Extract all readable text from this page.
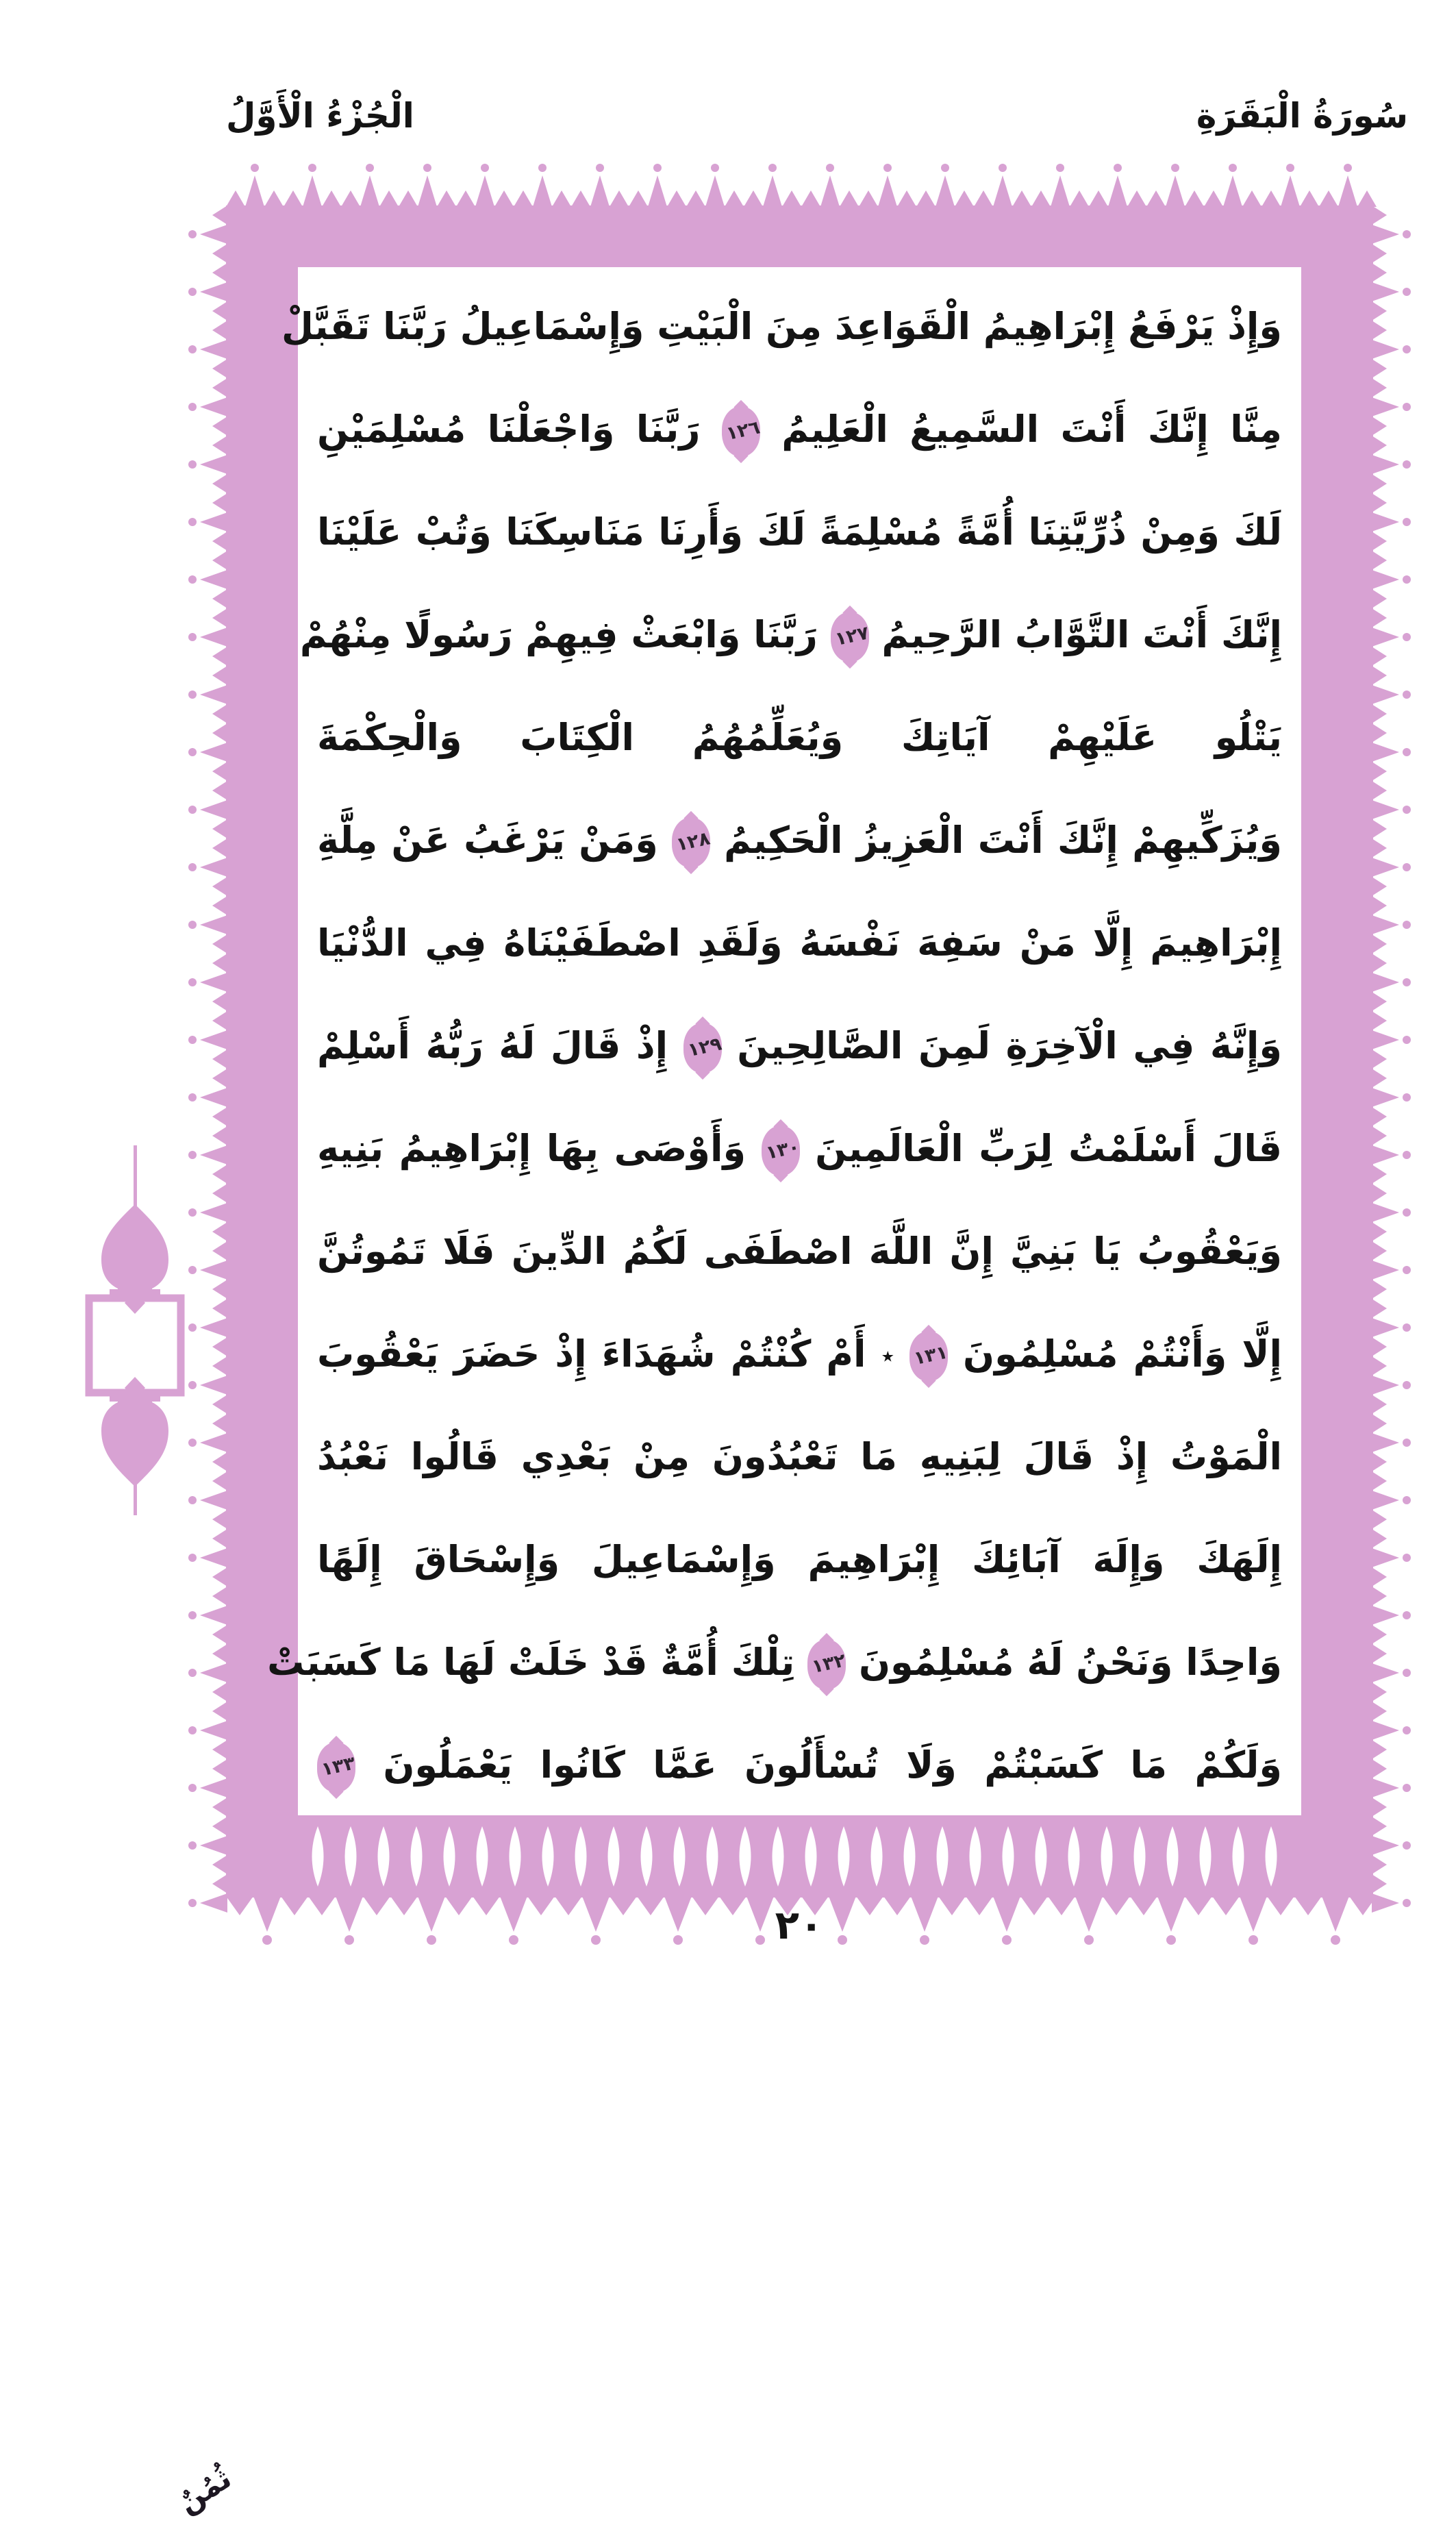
الْجُزْءُ الْأَوَّلُ	سُورَةُ الْبَقَرَةِ
وَإِذْ يَرْفَعُ إِبْرَاهِيمُ الْقَوَاعِدَ مِنَ الْبَيْتِ وَإِسْمَاعِيلُ رَبَّنَا تَقَبَّلْ
مِنَّا إِنَّكَ أَنْتَ السَّمِيعُ الْعَلِيمُ
١٢٦
رَبَّنَا وَاجْعَلْنَا مُسْلِمَيْنِ
لَكَ وَمِنْ ذُرِّيَّتِنَا أُمَّةً مُسْلِمَةً لَكَ وَأَرِنَا مَنَاسِكَنَا وَتُبْ عَلَيْنَا
إِنَّكَ أَنْتَ التَّوَّابُ الرَّحِيمُ
١٢٧
رَبَّنَا وَابْعَثْ فِيهِمْ رَسُولًا مِنْهُمْ
يَتْلُو عَلَيْهِمْ آيَاتِكَ وَيُعَلِّمُهُمُ الْكِتَابَ وَالْحِكْمَةَ
وَيُزَكِّيهِمْ إِنَّكَ أَنْتَ الْعَزِيزُ الْحَكِيمُ
١٢٨
وَمَنْ يَرْغَبُ عَنْ مِلَّةِ
إِبْرَاهِيمَ إِلَّا مَنْ سَفِهَ نَفْسَهُ وَلَقَدِ اصْطَفَيْنَاهُ فِي الدُّنْيَا
وَإِنَّهُ فِي الْآخِرَةِ لَمِنَ الصَّالِحِينَ
١٢٩
إِذْ قَالَ لَهُ رَبُّهُ أَسْلِمْ
قَالَ أَسْلَمْتُ لِرَبِّ الْعَالَمِينَ
١٣٠
وَأَوْصَى بِهَا إِبْرَاهِيمُ بَنِيهِ
وَيَعْقُوبُ يَا بَنِيَّ إِنَّ اللَّهَ اصْطَفَى لَكُمُ الدِّينَ فَلَا تَمُوتُنَّ
إِلَّا وَأَنْتُمْ مُسْلِمُونَ
١٣١
٭ أَمْ كُنْتُمْ شُهَدَاءَ إِذْ حَضَرَ يَعْقُوبَ
الْمَوْتُ إِذْ قَالَ لِبَنِيهِ مَا تَعْبُدُونَ مِنْ بَعْدِي قَالُوا نَعْبُدُ
إِلَهَكَ وَإِلَهَ آبَائِكَ إِبْرَاهِيمَ وَإِسْمَاعِيلَ وَإِسْحَاقَ إِلَهًا
وَاحِدًا وَنَحْنُ لَهُ مُسْلِمُونَ
١٣٢
تِلْكَ أُمَّةٌ قَدْ خَلَتْ لَهَا مَا كَسَبَتْ
وَلَكُمْ مَا كَسَبْتُمْ وَلَا تُسْأَلُونَ عَمَّا كَانُوا يَعْمَلُونَ
١٣٣
ثُمُنٌ
٢٠
